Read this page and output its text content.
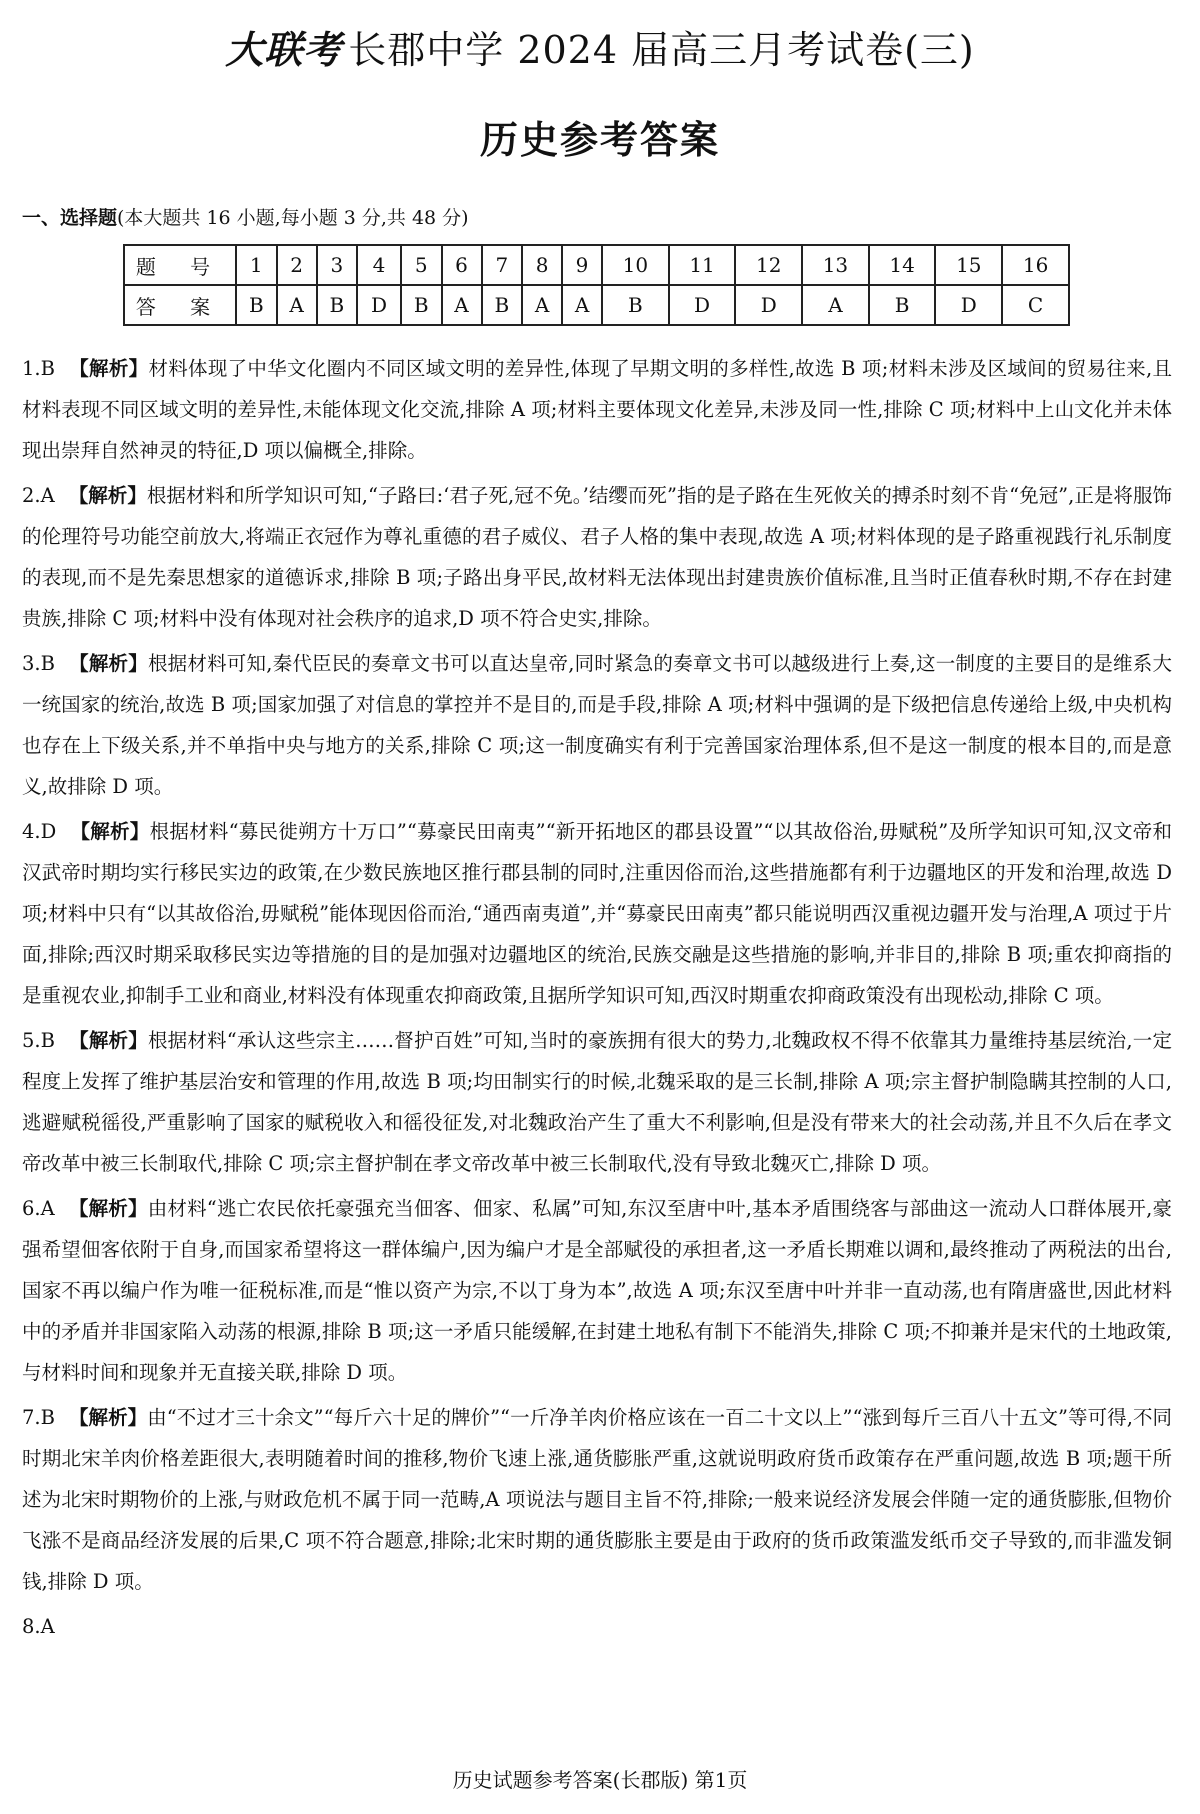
大联考 长郡中学 2024 届高三月考试卷(三)
历史参考答案
一、选择题(本大题共 16 小题,每小题 3 分,共 48 分)
题 号	1	2	3	4	5	6	7	8	9	10	11	12	13	14	15	16
答 案	B	A	B	D	B	A	B	A	A	B	D	D	A	B	D	C
1.B 【解析】材料体现了中华文化圈内不同区域文明的差异性,体现了早期文明的多样性,故选 B 项;材料未涉及区域间的贸易往来,且材料表现不同区域文明的差异性,未能体现文化交流,排除 A 项;材料主要体现文化差异,未涉及同一性,排除 C 项;材料中上山文化并未体现出崇拜自然神灵的特征,D 项以偏概全,排除。
2.A 【解析】根据材料和所学知识可知,“子路曰:‘君子死,冠不免。’结缨而死”指的是子路在生死攸关的搏杀时刻不肯“免冠”,正是将服饰的伦理符号功能空前放大,将端正衣冠作为尊礼重德的君子威仪、君子人格的集中表现,故选 A 项;材料体现的是子路重视践行礼乐制度的表现,而不是先秦思想家的道德诉求,排除 B 项;子路出身平民,故材料无法体现出封建贵族价值标准,且当时正值春秋时期,不存在封建贵族,排除 C 项;材料中没有体现对社会秩序的追求,D 项不符合史实,排除。
3.B 【解析】根据材料可知,秦代臣民的奏章文书可以直达皇帝,同时紧急的奏章文书可以越级进行上奏,这一制度的主要目的是维系大一统国家的统治,故选 B 项;国家加强了对信息的掌控并不是目的,而是手段,排除 A 项;材料中强调的是下级把信息传递给上级,中央机构也存在上下级关系,并不单指中央与地方的关系,排除 C 项;这一制度确实有利于完善国家治理体系,但不是这一制度的根本目的,而是意义,故排除 D 项。
4.D 【解析】根据材料“募民徙朔方十万口”“募豪民田南夷”“新开拓地区的郡县设置”“以其故俗治,毋赋税”及所学知识可知,汉文帝和汉武帝时期均实行移民实边的政策,在少数民族地区推行郡县制的同时,注重因俗而治,这些措施都有利于边疆地区的开发和治理,故选 D 项;材料中只有“以其故俗治,毋赋税”能体现因俗而治,“通西南夷道”,并“募豪民田南夷”都只能说明西汉重视边疆开发与治理,A 项过于片面,排除;西汉时期采取移民实边等措施的目的是加强对边疆地区的统治,民族交融是这些措施的影响,并非目的,排除 B 项;重农抑商指的是重视农业,抑制手工业和商业,材料没有体现重农抑商政策,且据所学知识可知,西汉时期重农抑商政策没有出现松动,排除 C 项。
5.B 【解析】根据材料“承认这些宗主……督护百姓”可知,当时的豪族拥有很大的势力,北魏政权不得不依靠其力量维持基层统治,一定程度上发挥了维护基层治安和管理的作用,故选 B 项;均田制实行的时候,北魏采取的是三长制,排除 A 项;宗主督护制隐瞒其控制的人口,逃避赋税徭役,严重影响了国家的赋税收入和徭役征发,对北魏政治产生了重大不利影响,但是没有带来大的社会动荡,并且不久后在孝文帝改革中被三长制取代,排除 C 项;宗主督护制在孝文帝改革中被三长制取代,没有导致北魏灭亡,排除 D 项。
6.A 【解析】由材料“逃亡农民依托豪强充当佃客、佃家、私属”可知,东汉至唐中叶,基本矛盾围绕客与部曲这一流动人口群体展开,豪强希望佃客依附于自身,而国家希望将这一群体编户,因为编户才是全部赋役的承担者,这一矛盾长期难以调和,最终推动了两税法的出台,国家不再以编户作为唯一征税标准,而是“惟以资产为宗,不以丁身为本”,故选 A 项;东汉至唐中叶并非一直动荡,也有隋唐盛世,因此材料中的矛盾并非国家陷入动荡的根源,排除 B 项;这一矛盾只能缓解,在封建土地私有制下不能消失,排除 C 项;不抑兼并是宋代的土地政策,与材料时间和现象并无直接关联,排除 D 项。
7.B 【解析】由“不过才三十余文”“每斤六十足的牌价”“一斤净羊肉价格应该在一百二十文以上”“涨到每斤三百八十五文”等可得,不同时期北宋羊肉价格差距很大,表明随着时间的推移,物价飞速上涨,通货膨胀严重,这就说明政府货币政策存在严重问题,故选 B 项;题干所述为北宋时期物价的上涨,与财政危机不属于同一范畴,A 项说法与题目主旨不符,排除;一般来说经济发展会伴随一定的通货膨胀,但物价飞涨不是商品经济发展的后果,C 项不符合题意,排除;北宋时期的通货膨胀主要是由于政府的货币政策滥发纸币交子导致的,而非滥发铜钱,排除 D 项。
8.A
历史试题参考答案(长郡版) 第1页
